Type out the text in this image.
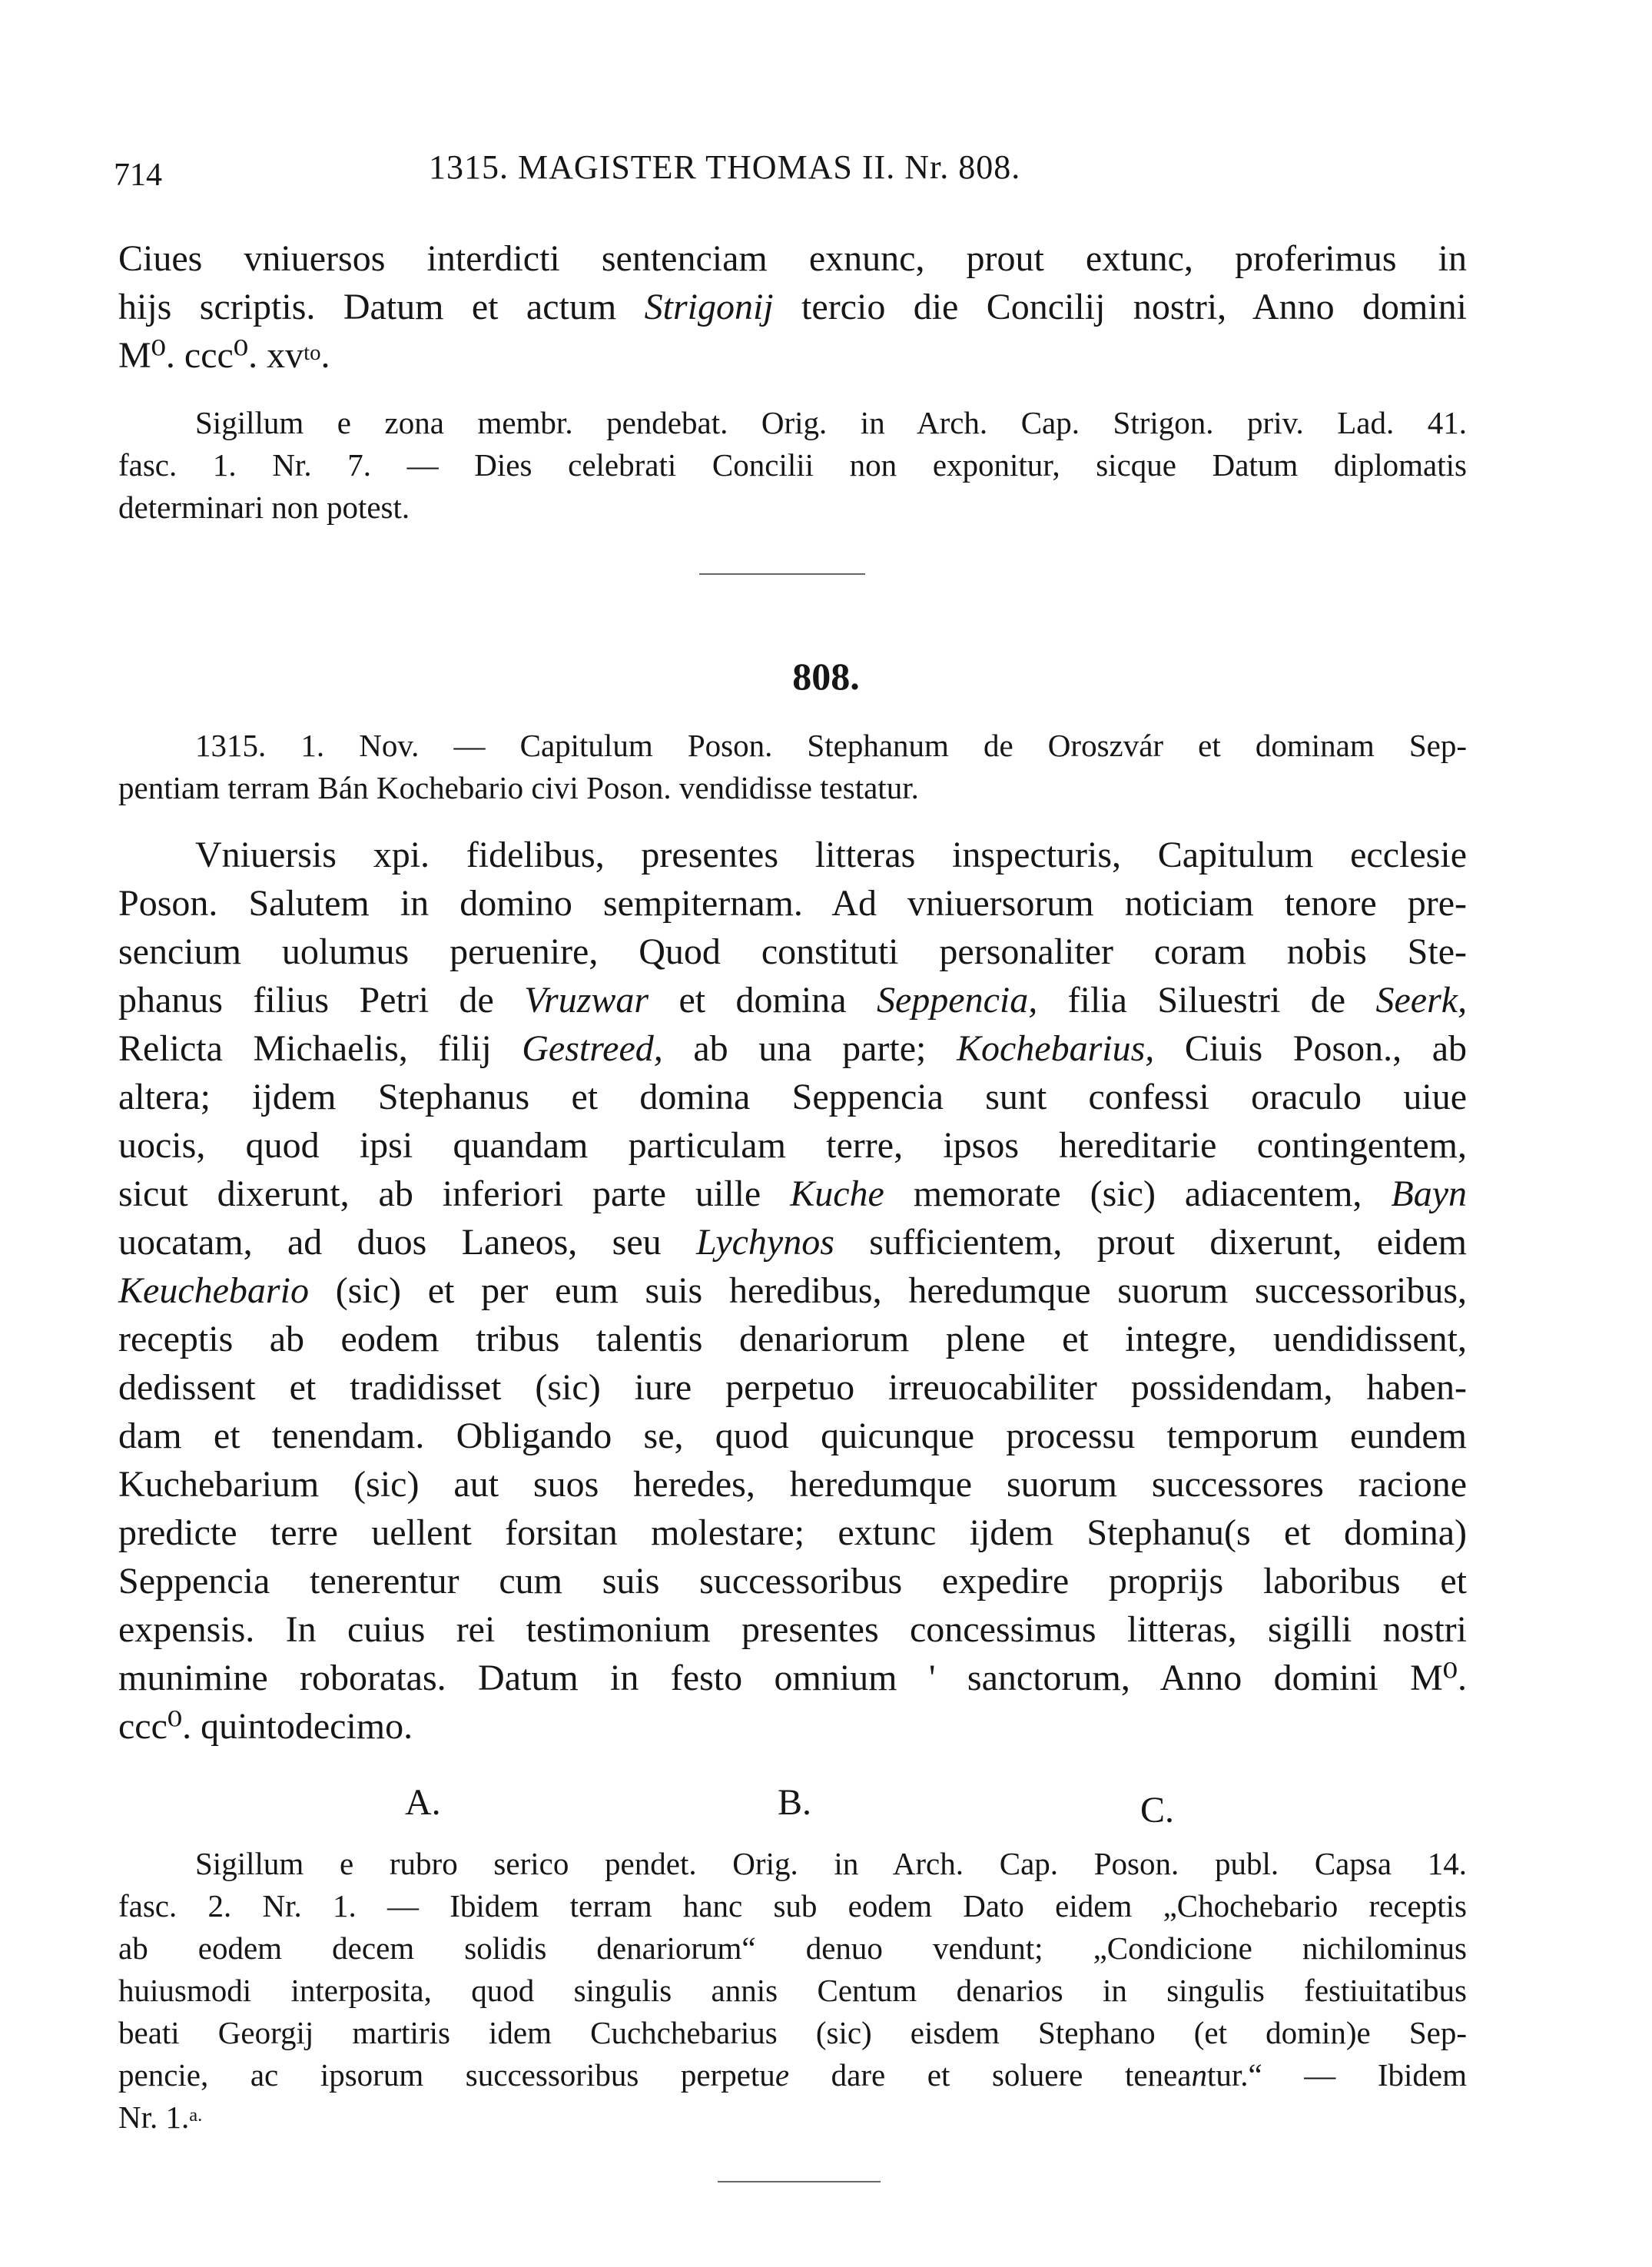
714	1315. MAGISTER THOMAS II. Nr. 808.
Ciues vniuersos interdicti sentenciam exnunc, prout extunc, proferimus in
hijs scriptis. Datum et actum Strigonij tercio die Concilij nostri, Anno domini
M⁰. ccc⁰. $xv^{to}$.
Sigillum e zona membr. pendebat. Orig. in Arch. Cap. Strigon. priv. Lad. 41.
fasc. 1. Nr. 7. — Dies celebrati Concilii non exponitur, sicque Datum diplomatis
determinari non potest.
808.
1315. 1. Nov. — Capitulum Poson. Stephanum de Oroszvár et dominam Sep-
pentiam terram Bán Kochebario civi Poson. vendidisse testatur.
Vniuersis xpi. fidelibus, presentes litteras inspecturis, Capitulum ecclesie
Poson. Salutem in domino sempiternam. Ad vniuersorum noticiam tenore pre-
sencium uolumus peruenire, Quod constituti personaliter coram nobis Ste-
phanus filius Petri de Vruzwar et domina Seppencia, filia Siluestri de Seerk,
Relicta Michaelis, filij Gestreed, ab una parte; Kochebarius, Ciuis Poson., ab
altera; ijdem Stephanus et domina Seppencia sunt confessi oraculo uiue
uocis, quod ipsi quandam particulam terre, ipsos hereditarie contingentem,
sicut dixerunt, ab inferiori parte uille Kuche memorate (sic) adiacentem, Bayn
uocatam, ad duos Laneos, seu Lychynos sufficientem, prout dixerunt, eidem
Keuchebario (sic) et per eum suis heredibus, heredumque suorum successoribus,
receptis ab eodem tribus talentis denariorum plene et integre, uendidissent,
dedissent et tradidisset (sic) iure perpetuo irreuocabiliter possidendam, haben-
dam et tenendam. Obligando se, quod quicunque processu temporum eundem
Kuchebarium (sic) aut suos heredes, heredumque suorum successores racione
predicte terre uellent forsitan molestare; extunc ijdem Stephanu(s et domina)
Seppencia tenerentur cum suis successoribus expedire proprijs laboribus et
expensis. In cuius rei testimonium presentes concessimus litteras, sigilli nostri
munimine roboratas. Datum in festo omnium ' sanctorum, Anno domini M⁰.
ccc⁰. quintodecimo.
A.	B.	C.
Sigillum e rubro serico pendet. Orig. in Arch. Cap. Poson. publ. Capsa 14.
fasc. 2. Nr. 1. — Ibidem terram hanc sub eodem Dato eidem „Chochebario receptis
ab eodem decem solidis denariorum“ denuo vendunt; „Condicione nichilominus
huiusmodi interposita, quod singulis annis Centum denarios in singulis festiuitatibus
beati Georgij martiris idem Cuchchebarius (sic) eisdem Stephano (et domin)e Sep-
pencie, ac ipsorum successoribus perpetue dare et soluere teneantur.“ — Ibidem
Nr. 1.$^{a.}$
